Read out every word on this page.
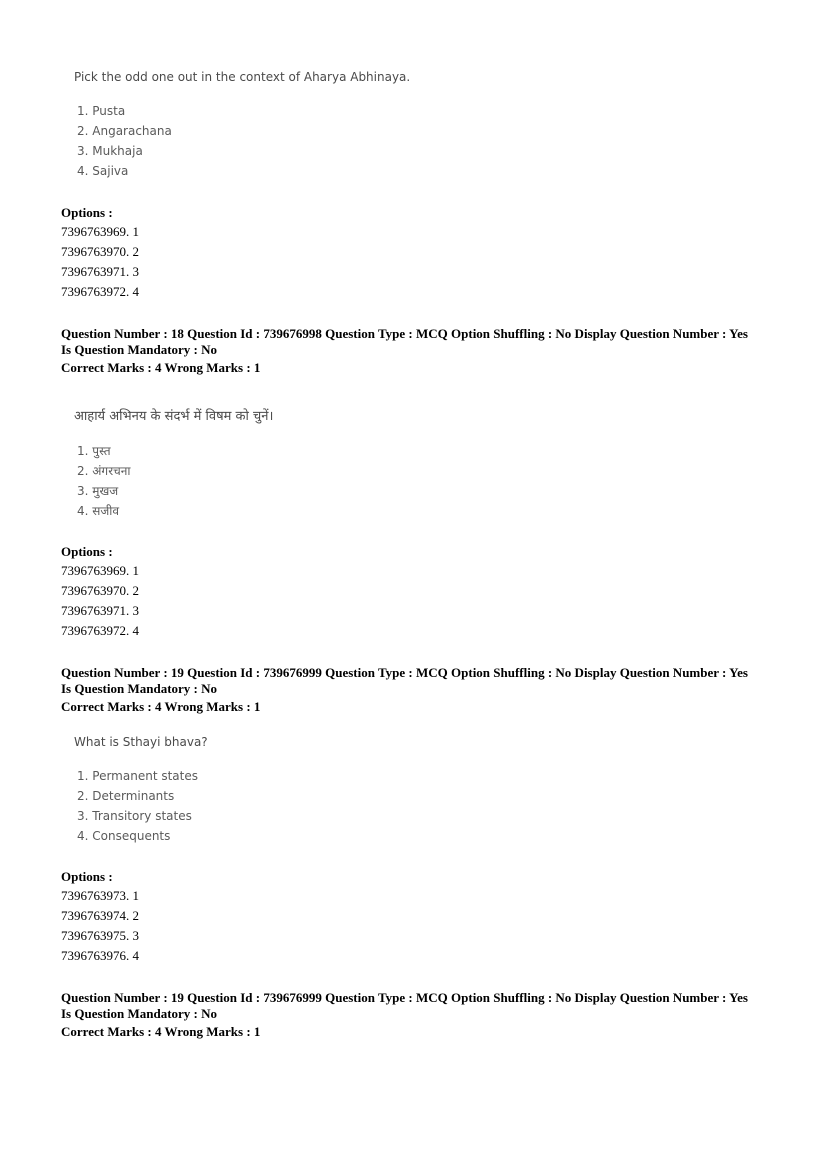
Pick the odd one out in the context of Aharya Abhinaya.
1. Pusta
2. Angarachana
3. Mukhaja
4. Sajiva
Options :
7396763969. 1
7396763970. 2
7396763971. 3
7396763972. 4
Question Number : 18 Question Id : 739676998 Question Type : MCQ Option Shuffling : No Display Question Number : Yes
Is Question Mandatory : No
Correct Marks : 4 Wrong Marks : 1
आहार्य अभिनय के संदर्भ में विषम को चुनें।
1. पुस्त
2. अंगरचना
3. मुखज
4. सजीव
Options :
7396763969. 1
7396763970. 2
7396763971. 3
7396763972. 4
Question Number : 19 Question Id : 739676999 Question Type : MCQ Option Shuffling : No Display Question Number : Yes
Is Question Mandatory : No
Correct Marks : 4 Wrong Marks : 1
What is Sthayi bhava?
1. Permanent states
2. Determinants
3. Transitory states
4. Consequents
Options :
7396763973. 1
7396763974. 2
7396763975. 3
7396763976. 4
Question Number : 19 Question Id : 739676999 Question Type : MCQ Option Shuffling : No Display Question Number : Yes
Is Question Mandatory : No
Correct Marks : 4 Wrong Marks : 1
